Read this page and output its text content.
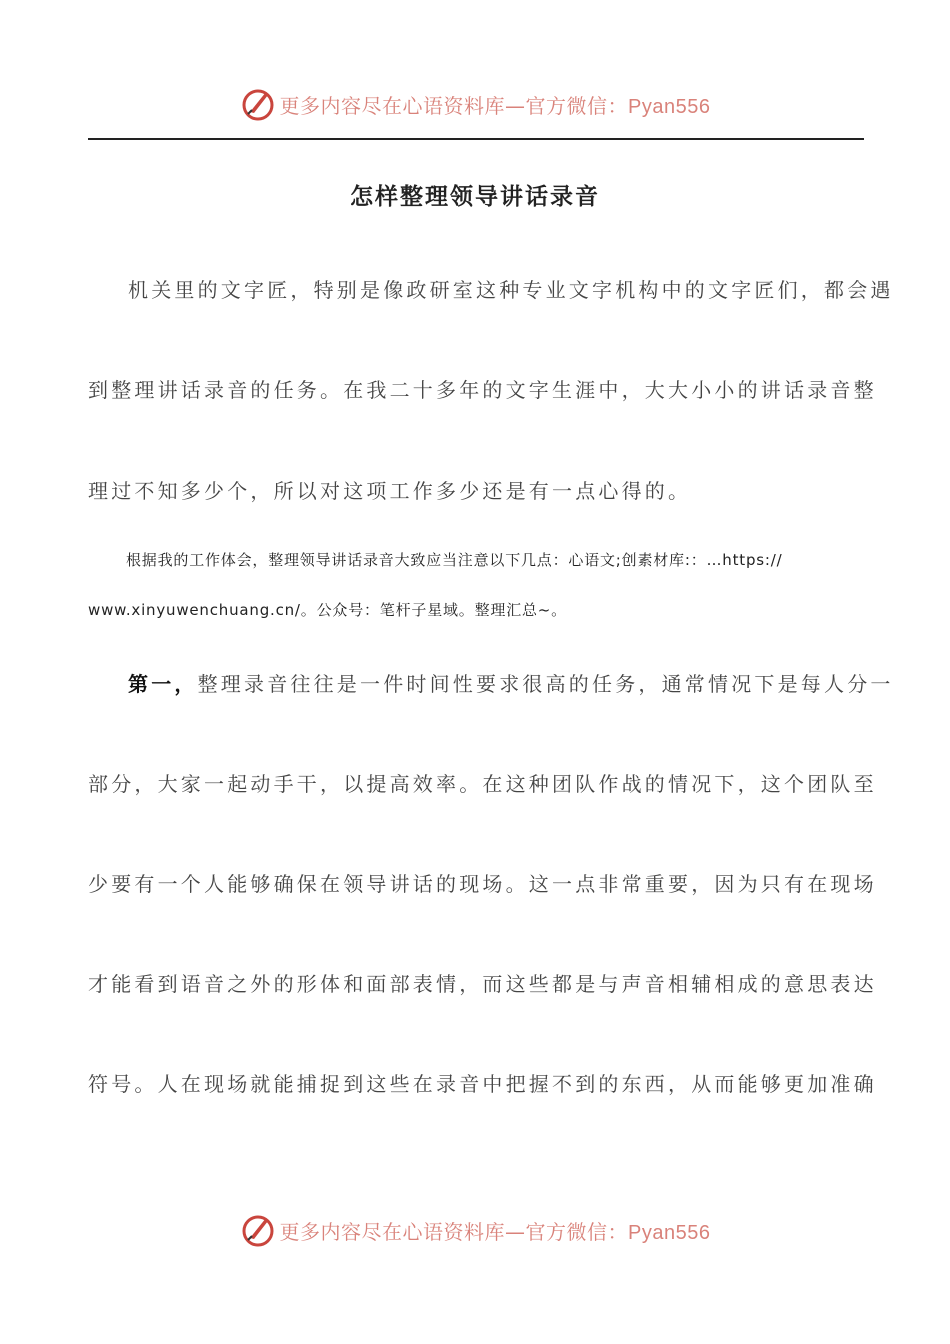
更多内容尽在心语资料库—官方微信：Pyan556
怎样整理领导讲话录音
机关里的文字匠，特别是像政研室这种专业文字机构中的文字匠们，都会遇
到整理讲话录音的任务。在我二十多年的文字生涯中，大大小小的讲话录音整
理过不知多少个，所以对这项工作多少还是有一点心得的。
根据我的工作体会，整理领导讲话录音大致应当注意以下几点：心语文;创素材库:：…https://
www.xinyuwenchuang.cn/。公众号：笔杆子星域。整理汇总~。
第一，整理录音往往是一件时间性要求很高的任务，通常情况下是每人分一
部分，大家一起动手干，以提高效率。在这种团队作战的情况下，这个团队至
少要有一个人能够确保在领导讲话的现场。这一点非常重要，因为只有在现场
才能看到语音之外的形体和面部表情，而这些都是与声音相辅相成的意思表达
符号。人在现场就能捕捉到这些在录音中把握不到的东西，从而能够更加准确
更多内容尽在心语资料库—官方微信：Pyan556
